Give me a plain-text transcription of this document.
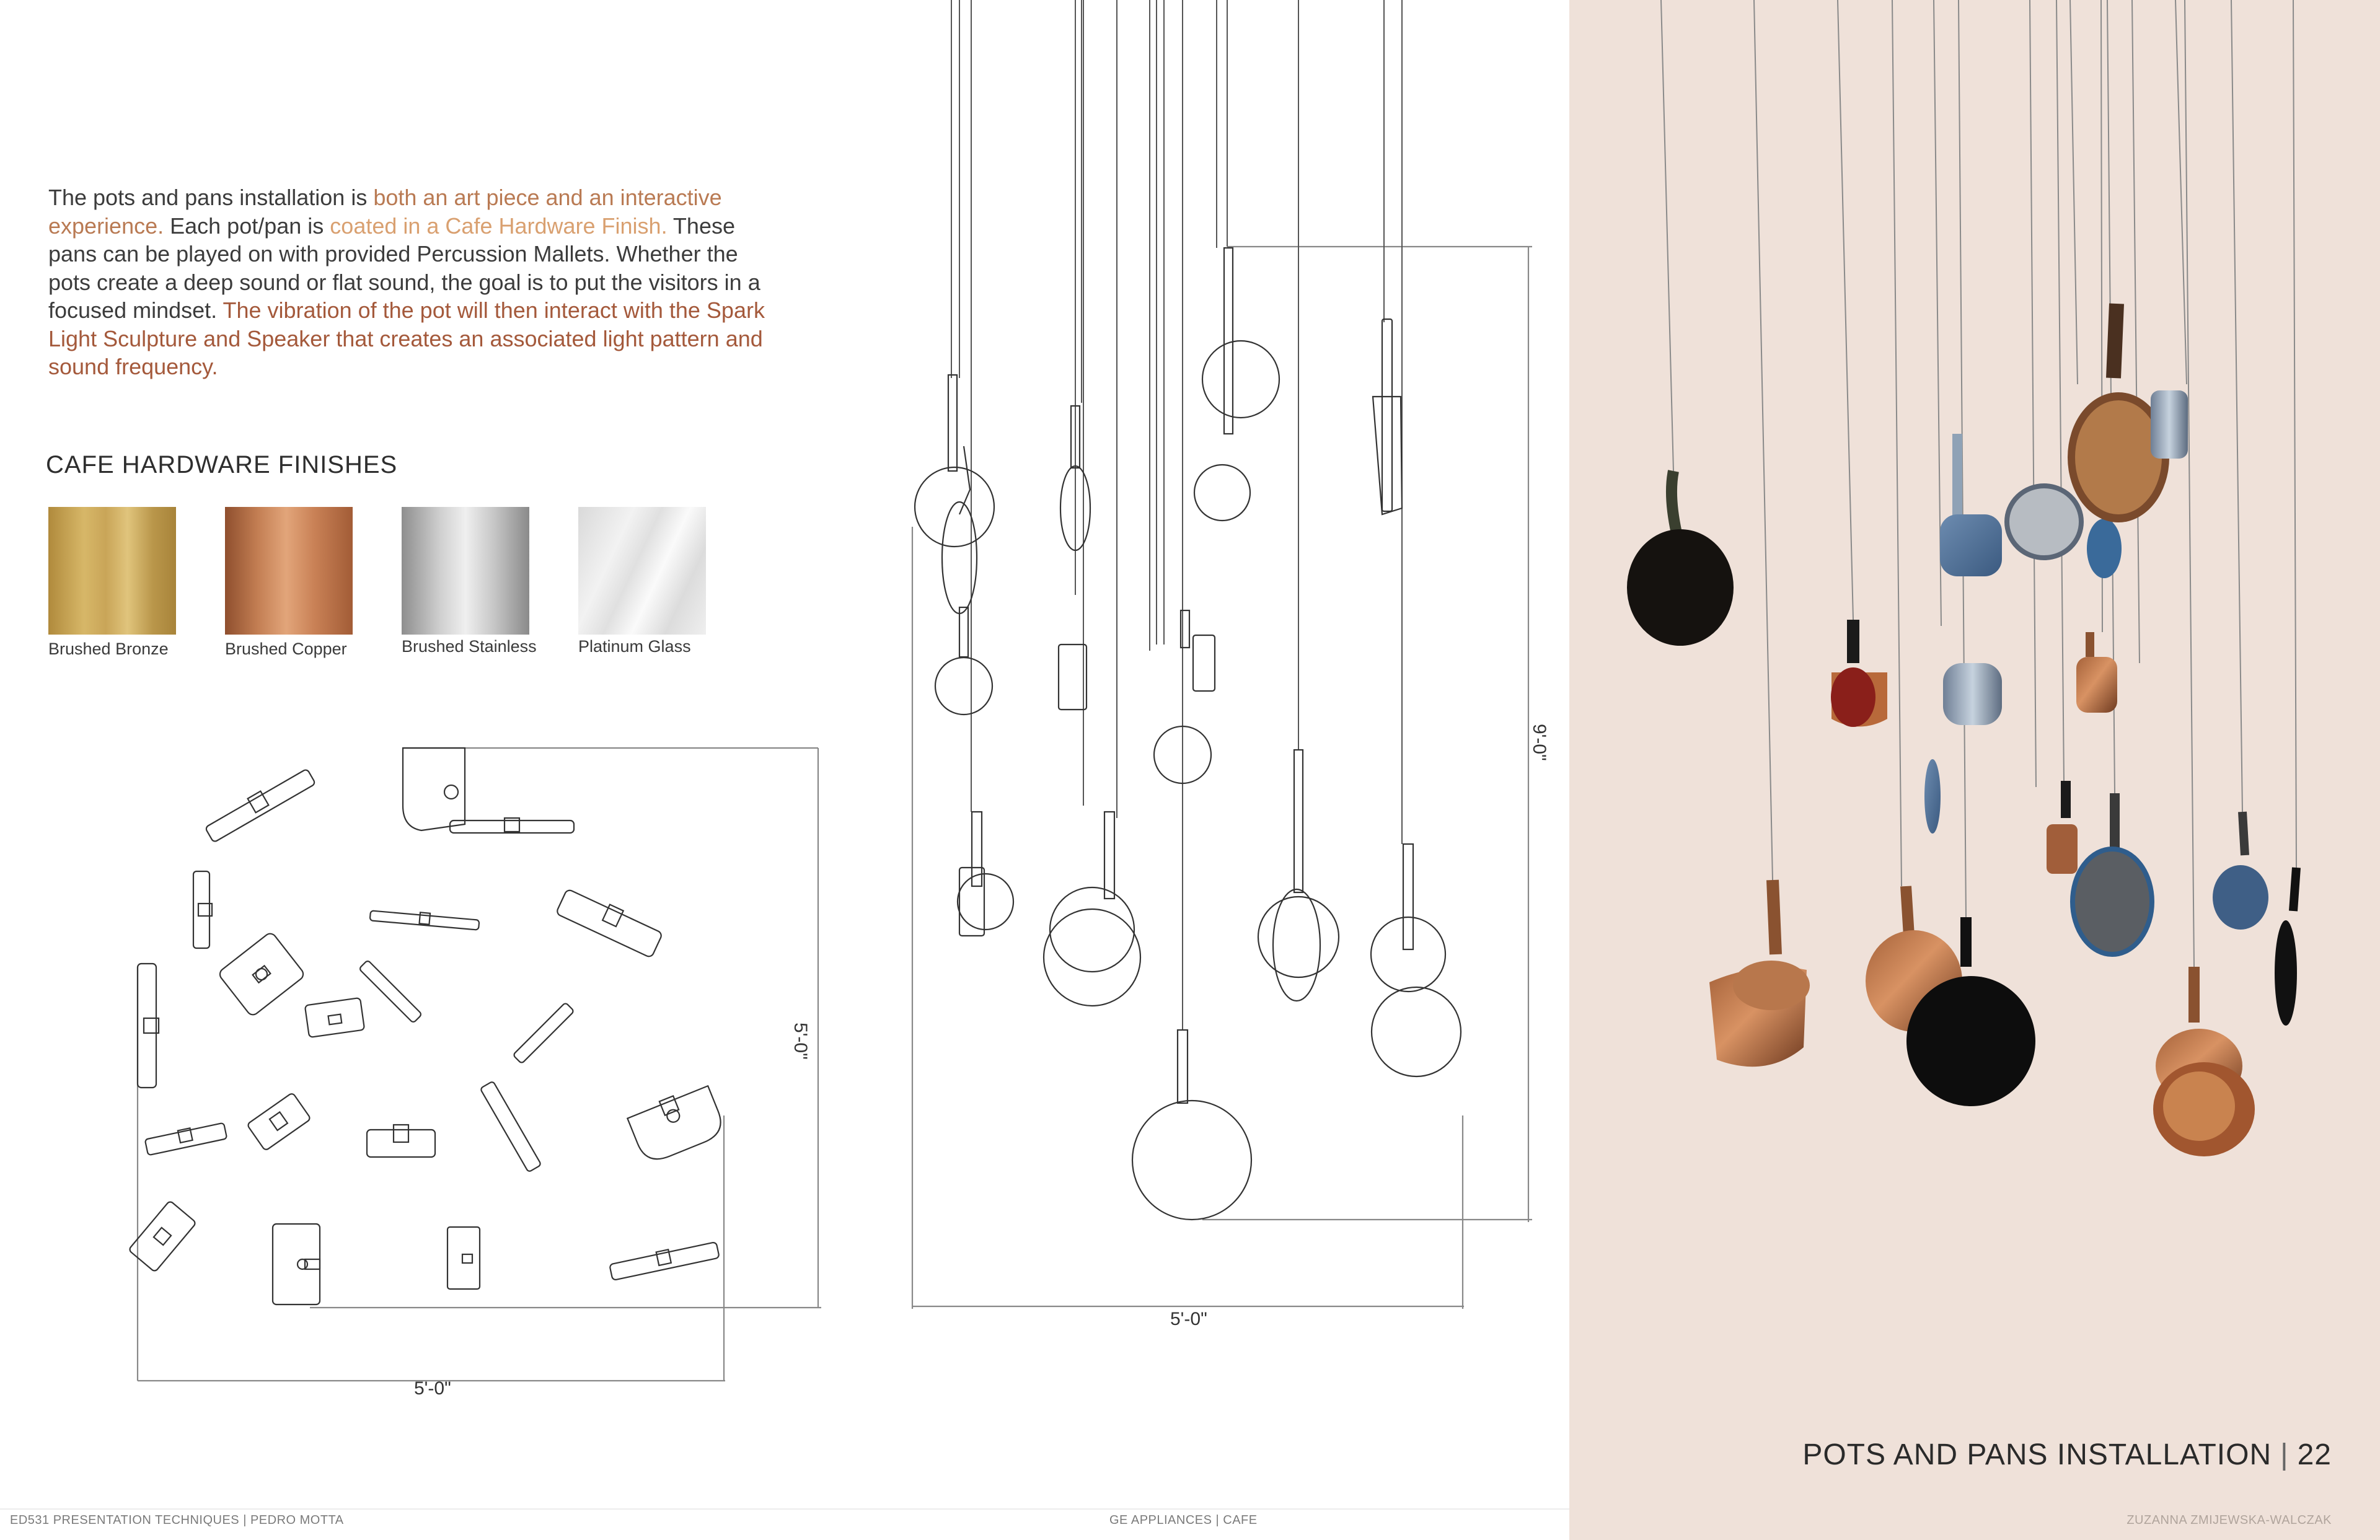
The pots and pans installation is both an art piece and an interactive experience. Each pot/pan is coated in a Cafe Hardware Finish. These pans can be played on with provided Percussion Mallets. Whether the pots create a deep sound or flat sound, the goal is to put the visitors in a focused mindset. The vibration of the pot will then interact with the Spark Light Sculpture and Speaker that creates an associated light pattern and sound frequency.
CAFE HARDWARE FINISHES
Brushed Bronze	Brushed Copper	Brushed Stainless Platinum Glass
5'-0"
5'-0"
5'-0"
9'-0"
POTS AND PANS INSTALLATION | 22
ED531 PRESENTATION TECHNIQUES | PEDRO MOTTA	GE APPLIANCES | CAFE	ZUZANNA ZMIJEWSKA-WALCZAK
